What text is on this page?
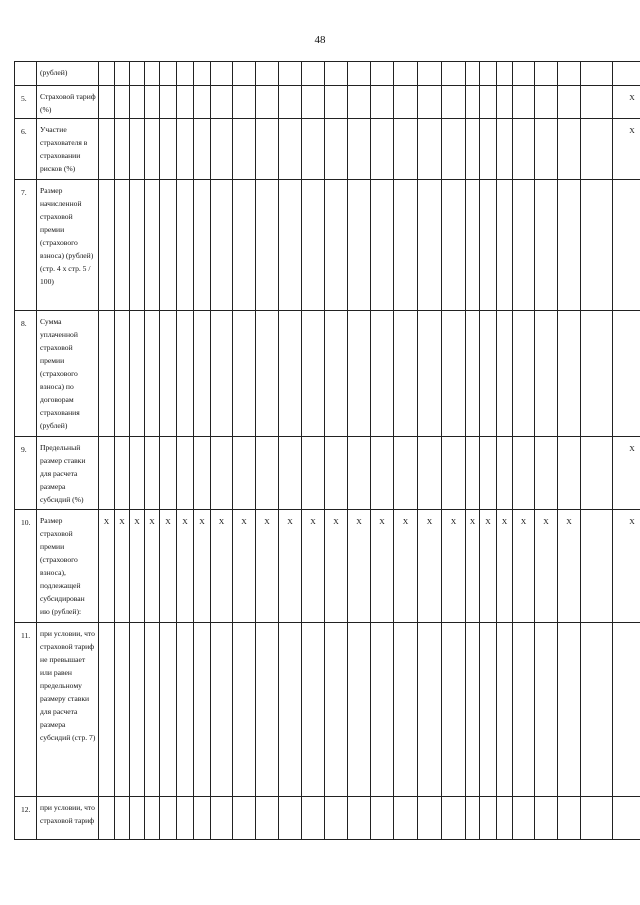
48
	(рублей)																										
5.	Страховой тариф (%)																										X
6.	Участие страхователя в страховании рисков (%)																										X
7.	Размер начисленной страховой премии (страхового взноса) (рублей) (стр. 4 х стр. 5 / 100)																										
8.	Сумма уплаченной страховой премии (страхового взноса) по договорам страхования (рублей)																										
9.	Предельный размер ставки для расчета размера субсидий (%)																										X
10.	Размер страховой премии (страхового взноса), подлежащей субсидирован ию (рублей):	X	X	X	X	X	X	X	X	X	X	X	X	X	X	X	X	X	X	X	X	X	X	X	X		X
11.	при условии, что страховой тариф не превышает или равен предельному размеру ставки для расчета размера субсидий (стр. 7)																										
12.	при условии, что страховой тариф																										
